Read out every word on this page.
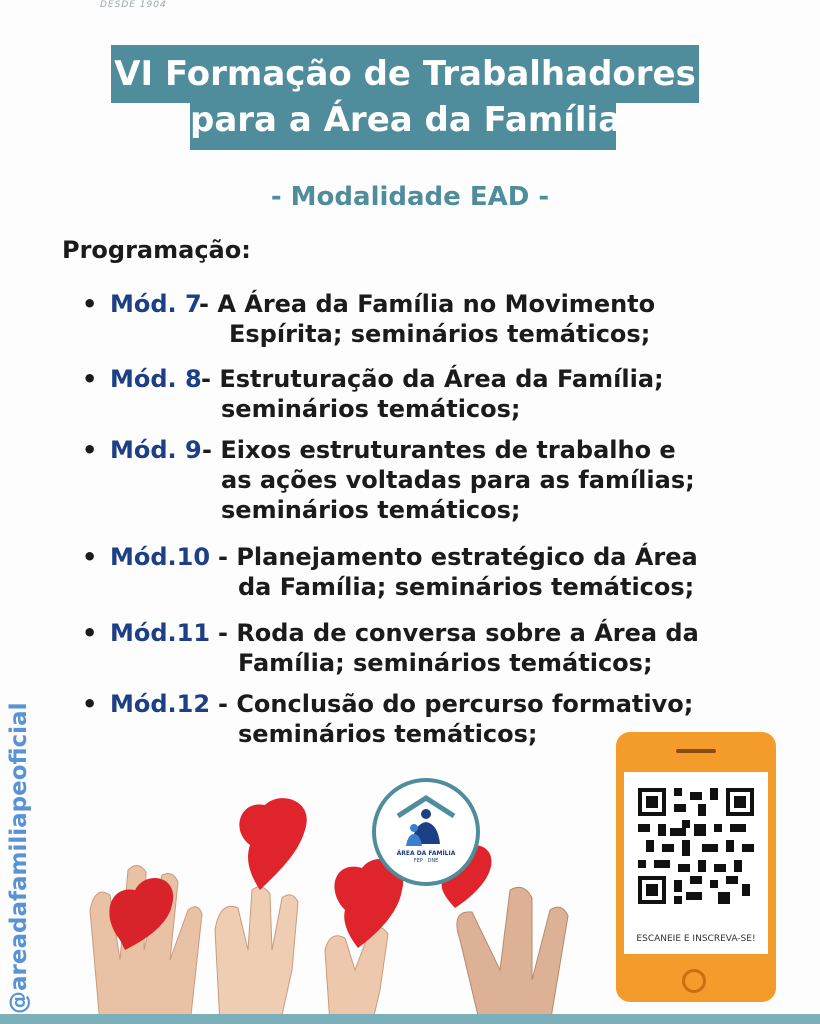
DESDE 1904
VI Formação de Trabalhadores
para a Área da Família
- Modalidade EAD -
Programação:
• Mód. 7
- A Área da Família no Movimento
Espírita; seminários temáticos;
• Mód. 8 - Estruturação da Área da Família;
seminários temáticos;
• Mód. 9 - Eixos estruturantes de trabalho e
as ações voltadas para as famílias;
seminários temáticos;
• Mód.10 - Planejamento estratégico da Área
da Família; seminários temáticos;
• Mód.11 - Roda de conversa sobre a Área da
Família; seminários temáticos;
• Mód.12 - Conclusão do percurso formativo;
seminários temáticos;
@areadafamiliapeoficial	ÁREA DA FAMÍLIA
FEP · DNE
ESCANEIE E INSCREVA-SE!
